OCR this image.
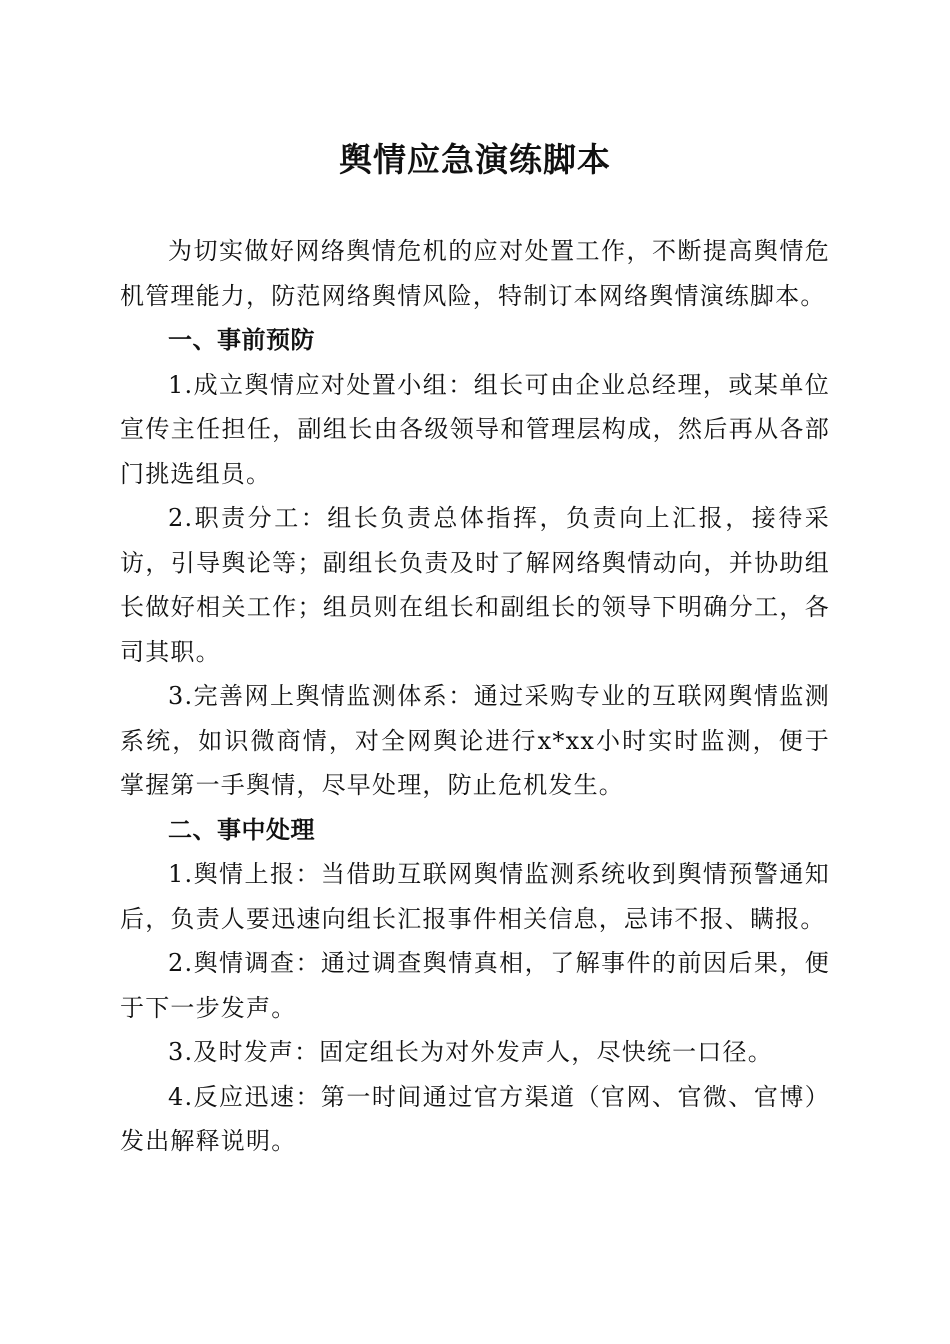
舆情应急演练脚本

为切实做好网络舆情危机的应对处置工作，不断提高舆情危机管理能力，防范网络舆情风险，特制订本网络舆情演练脚本。

一、事前预防

1.成立舆情应对处置小组：组长可由企业总经理，或某单位宣传主任担任，副组长由各级领导和管理层构成，然后再从各部门挑选组员。

2.职责分工：组长负责总体指挥，负责向上汇报，接待采访，引导舆论等；副组长负责及时了解网络舆情动向，并协助组长做好相关工作；组员则在组长和副组长的领导下明确分工，各司其职。

3.完善网上舆情监测体系：通过采购专业的互联网舆情监测系统，如识微商情，对全网舆论进行x*xx小时实时监测，便于掌握第一手舆情，尽早处理，防止危机发生。

二、事中处理

1.舆情上报：当借助互联网舆情监测系统收到舆情预警通知后，负责人要迅速向组长汇报事件相关信息，忌讳不报、瞒报。

2.舆情调查：通过调查舆情真相，了解事件的前因后果，便于下一步发声。

3.及时发声：固定组长为对外发声人，尽快统一口径。

4.反应迅速：第一时间通过官方渠道（官网、官微、官博）发出解释说明。
